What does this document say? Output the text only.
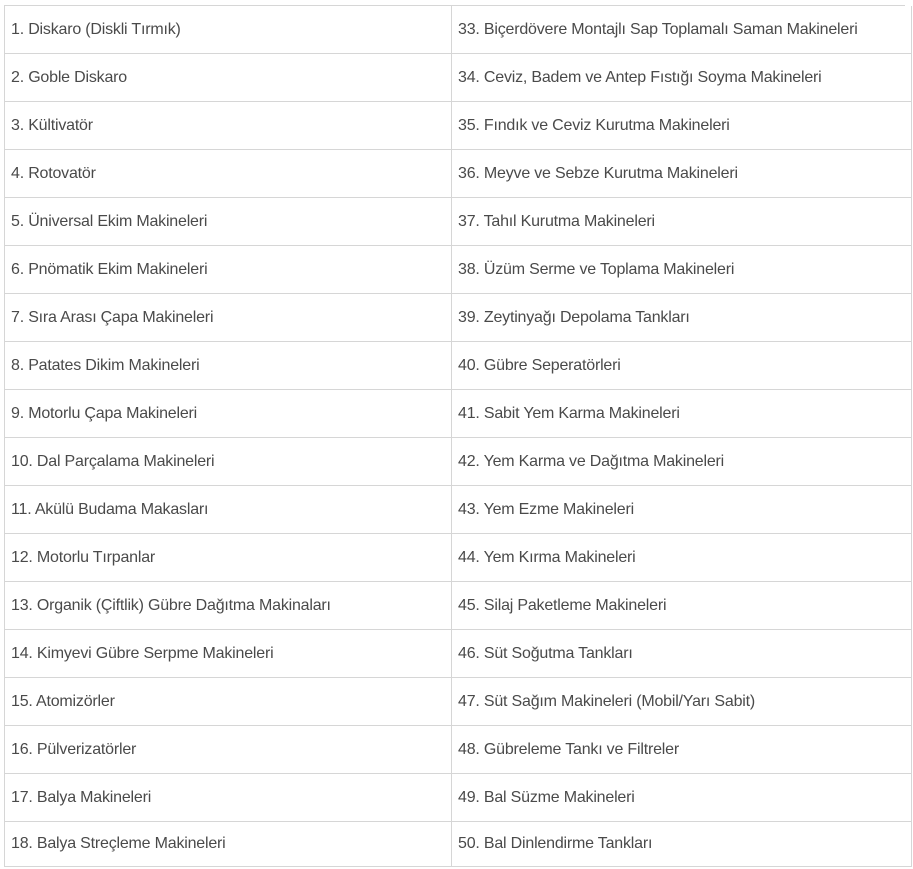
1. Diskaro (Diskli Tırmık)	33. Biçerdövere Montajlı Sap Toplamalı Saman Makineleri
2. Goble Diskaro	34. Ceviz, Badem ve Antep Fıstığı Soyma Makineleri
3. Kültivatör	35. Fındık ve Ceviz Kurutma Makineleri
4. Rotovatör	36. Meyve ve Sebze Kurutma Makineleri
5. Üniversal Ekim Makineleri	37. Tahıl Kurutma Makineleri
6. Pnömatik Ekim Makineleri	38. Üzüm Serme ve Toplama Makineleri
7. Sıra Arası Çapa Makineleri	39. Zeytinyağı Depolama Tankları
8. Patates Dikim Makineleri	40. Gübre Seperatörleri
9. Motorlu Çapa Makineleri	41. Sabit Yem Karma Makineleri
10. Dal Parçalama Makineleri	42. Yem Karma ve Dağıtma Makineleri
11. Akülü Budama Makasları	43. Yem Ezme Makineleri
12. Motorlu Tırpanlar	44. Yem Kırma Makineleri
13. Organik (Çiftlik) Gübre Dağıtma Makinaları	45. Silaj Paketleme Makineleri
14. Kimyevi Gübre Serpme Makineleri	46. Süt Soğutma Tankları
15. Atomizörler	47. Süt Sağım Makineleri (Mobil/Yarı Sabit)
16. Pülverizatörler	48. Gübreleme Tankı ve Filtreler
17. Balya Makineleri	49. Bal Süzme Makineleri
18. Balya Streçleme Makineleri	50. Bal Dinlendirme Tankları
